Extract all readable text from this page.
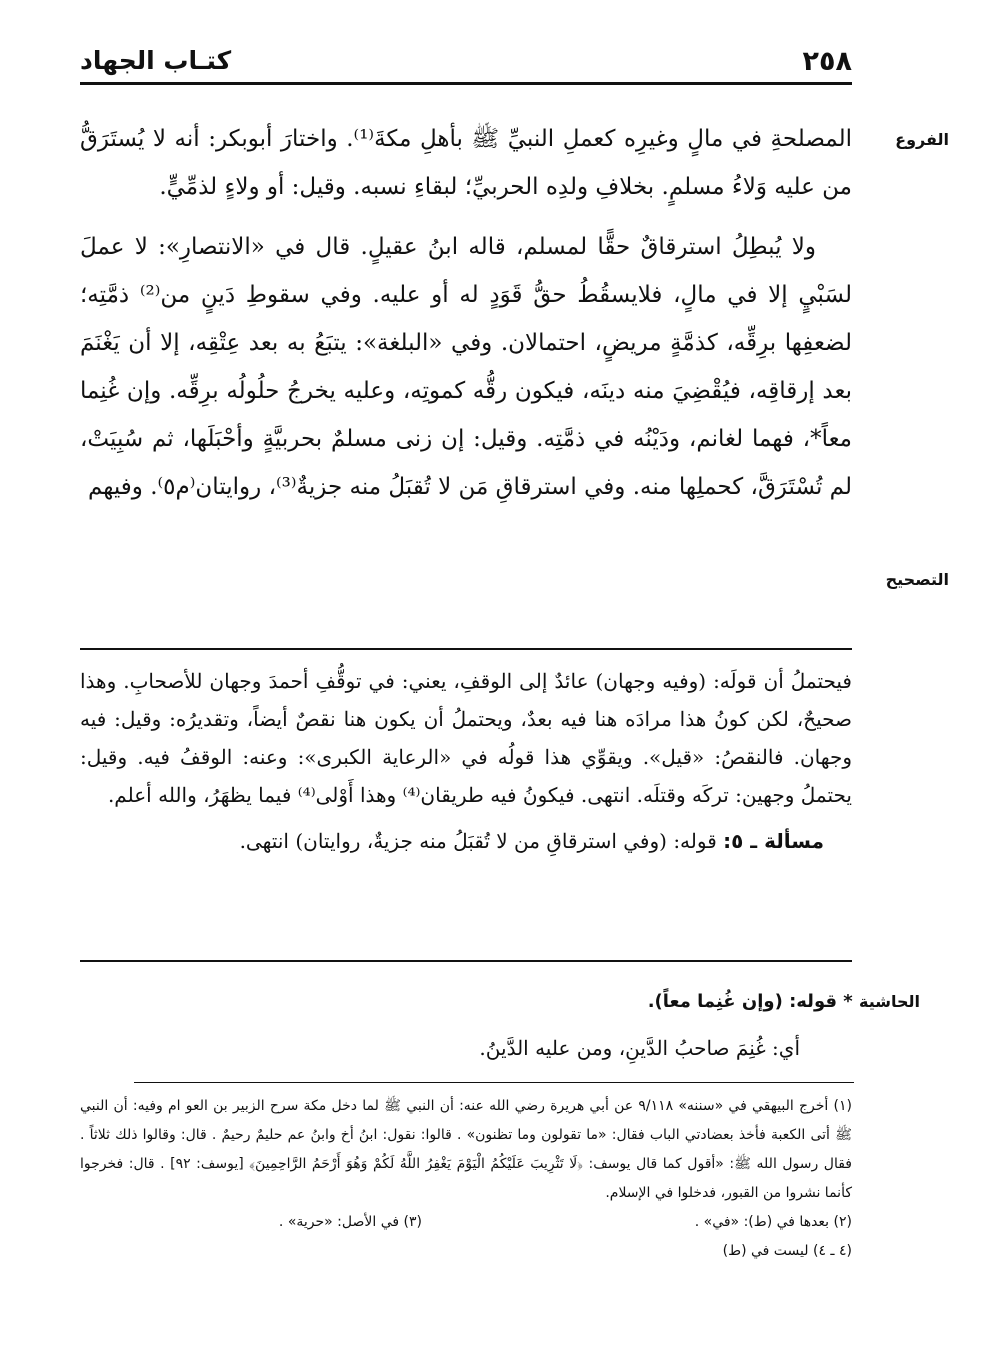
٢٥٨
كتـاب الجهاد
الفروع
التصحيح

المصلحةِ في مالٍ وغيرِه كعملِ النبيِّ ﷺ بأهلِ مكةَ⁽¹⁾. واختارَ أبوبكر: أنه لا يُستَرَقُّ من عليه وَلاءُ مسلمٍ. بخلافِ ولدِه الحربيِّ؛ لبقاءِ نسبه. وقيل: أو ولاءٍ لذمِّيٍّ.

ولا يُبطِلُ استرقاقٌ حقًّا لمسلم، قاله ابنُ عقيلٍ. قال في «الانتصارِ»: لا عملَ لسَبْيٍ إلا في مالٍ، فلايسقُطُ حقُّ قَوَدٍ له أو عليه. وفي سقوطِ دَينٍ من⁽²⁾ ذمَّتِه؛ لضعفِها برِقِّه، كذمَّةٍ مريضٍ، احتمالان. وفي «البلغة»: يتبَعُ به بعد عِتْقِه، إلا أن يَغْنَمَ بعد إرقاقِه، فيُقْضِيَ منه دينَه، فيكون رقُّه كموتِه، وعليه يخرجُ حلُولُه برِقِّه. وإن غُنِما معاً*، فهما لغانم، ودَيْنُه في ذمَّتِه. وقيل: إن زنى مسلمٌ بحربيَّةٍ وأحْبَلَها، ثم سُبِيَتْ، لم تُسْتَرَقَّ، كحملِها منه. وفي استرقاقِ مَن لا تُقبَلُ منه جزيةٌ⁽³⁾، روايتان⁽م٥⁾. وفيهم

فيحتملُ أن قولَه: (وفيه وجهان) عائدٌ إلى الوقفِ، يعني: في توقُّفِ أحمدَ وجهان للأصحابِ. وهذا صحيحٌ، لكن كونُ هذا مرادَه هنا فيه بعدٌ، ويحتملُ أن يكون هنا نقصٌ أيضاً، وتقديرُه: وقيل: فيه وجهان. فالنقصُ: «قيل». ويقوِّي هذا قولُه في «الرعاية الكبرى»: وعنه: الوقفُ فيه. وقيل: يحتملُ وجهين: تركَه وقتلَه. انتهى. فيكونُ فيه طريقان⁽⁴⁾ وهذا أَوْلى⁽⁴⁾ فيما يظهَرُ، والله أعلم.

مسألة ـ ٥: قوله: (وفي استرقاقِ من لا تُقبَلُ منه جزيةٌ، روايتان) انتهى.

الحاشية * قوله: (وإن غُنِما معاً).
أي: غُنِمَ صاحبُ الدَّينِ، ومن عليه الدَّينُ.

(١) أخرج البيهقي في «سننه» ٩/١١٨ عن أبي هريرة رضي الله عنه: أن النبي ﷺ لما دخل مكة سرح الزبير بن العو ام وفيه: أن النبي ﷺ أتى الكعبة فأخذ بعضادتي الباب فقال: «ما تقولون وما تظنون» . قالوا: نقول: ابنُ أخ وابنُ عم حليمٌ رحيمٌ . قال: وقالوا ذلك ثلاثاً . فقال رسول الله ﷺ: «أقول كما قال يوسف: ﴿لَا تَثْرِيبَ عَلَيْكُمُ الْيَوْمَ يَغْفِرُ اللَّهُ لَكُمْ وَهُوَ أَرْحَمُ الرَّاحِمِينَ﴾ [يوسف: ٩٢] . قال: فخرجوا كأنما نشروا من القبور، فدخلوا في الإسلام.

(٢) بعدها في (ط): «في» .
(٣) في الأصل: «حرية» .

(٤ ـ ٤) ليست في (ط)
